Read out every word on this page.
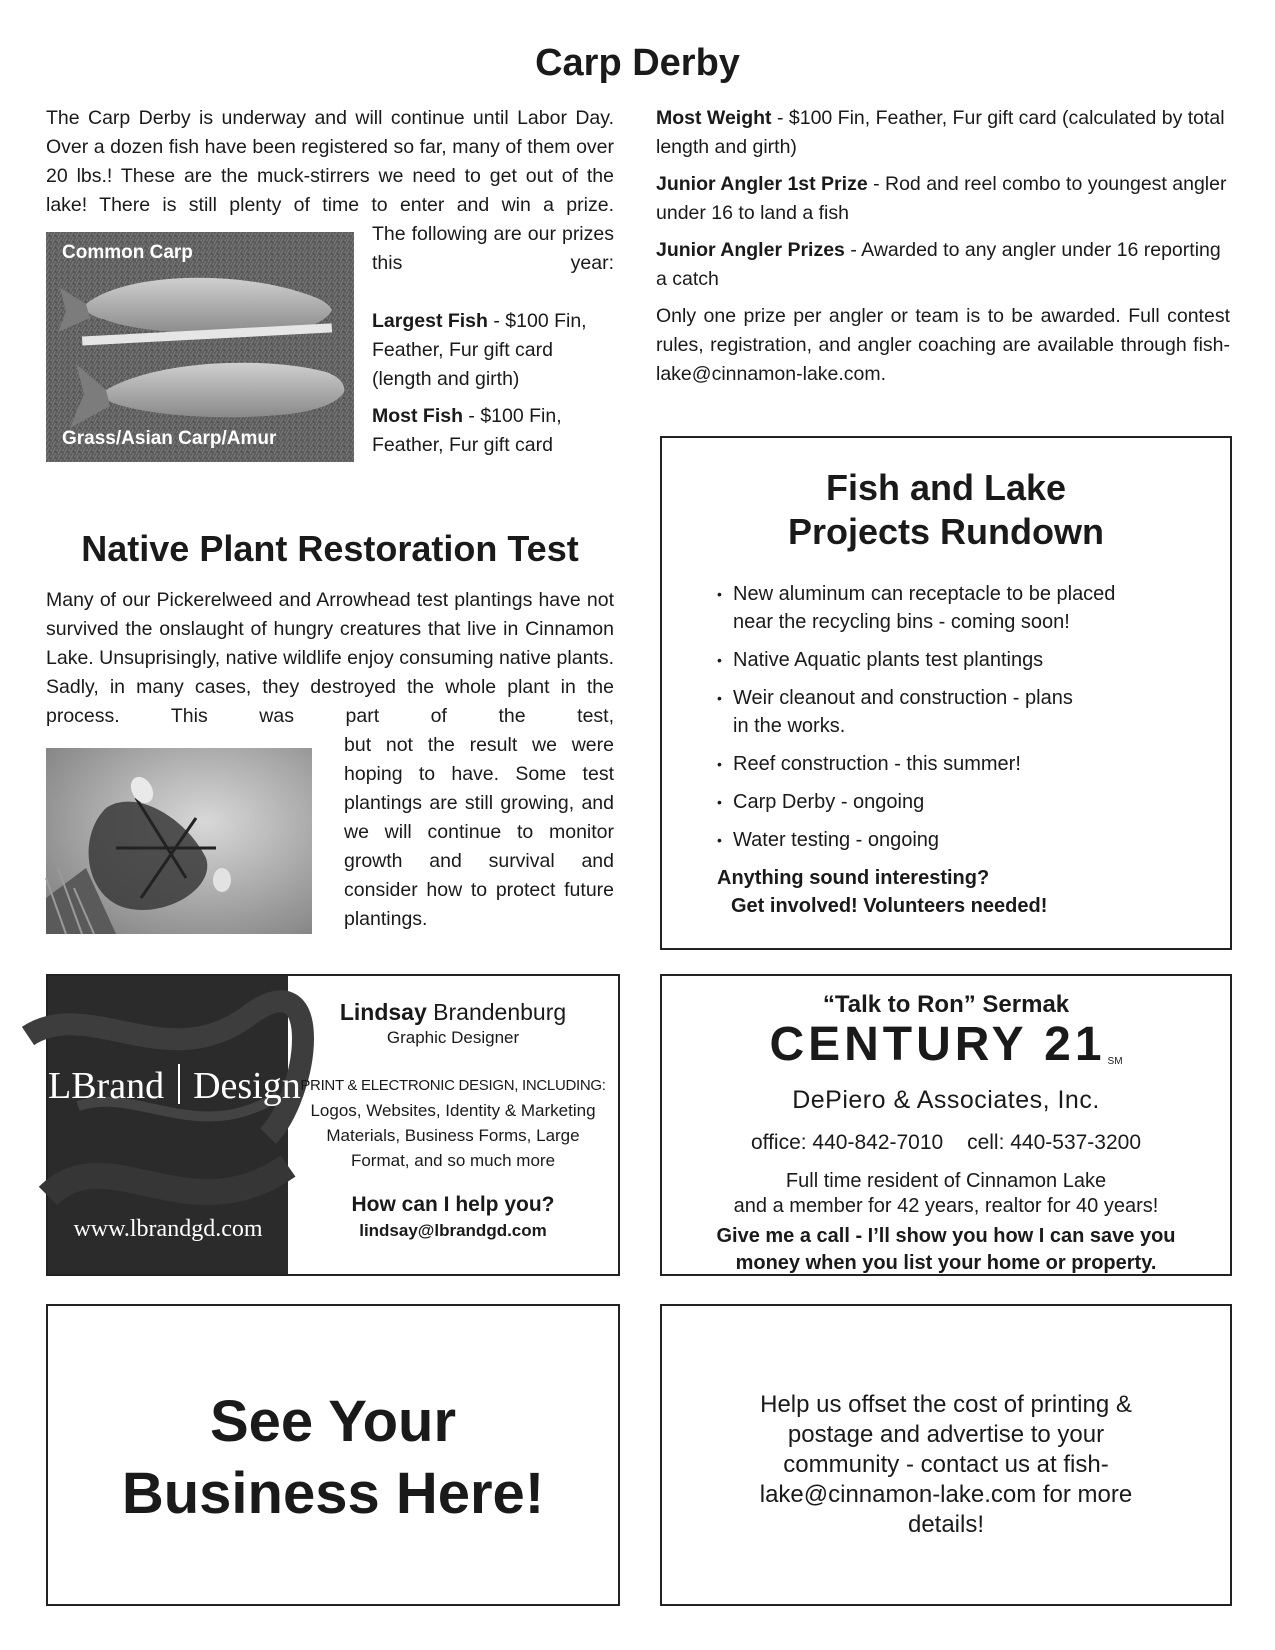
Carp Derby

The Carp Derby is underway and will continue until Labor Day. Over a dozen fish have been registered so far, many of them over 20 lbs.! These are the muck-stirrers we need to get out of the lake! There is still plenty of time to enter and win a prize.

Common Carp
Grass/Asian Carp/Amur

The following are our prizes this year:

Largest Fish - $100 Fin, Feather, Fur gift card (length and girth)

Most Fish - $100 Fin, Feather, Fur gift card

Most Weight - $100 Fin, Feather, Fur gift card (calculated by total length and girth)

Junior Angler 1st Prize - Rod and reel combo to youngest angler under 16 to land a fish

Junior Angler Prizes - Awarded to any angler under 16 reporting a catch

Only one prize per angler or team is to be awarded. Full contest rules, registration, and angler coaching are available through fish-lake@cinnamon-lake.com.

Native Plant Restoration Test

Many of our Pickerelweed and Arrowhead test plantings have not survived the onslaught of hungry creatures that live in Cinnamon Lake. Unsuprisingly, native wildlife enjoy consuming native plants. Sadly, in many cases, they destroyed the whole plant in the process. This was part of the test,

but not the result we were hoping to have. Some test plantings are still growing, and we will continue to monitor growth and survival and consider how to protect future plantings.

Fish and Lake
Projects Rundown
• New aluminum can receptacle to be placed near the recycling bins - coming soon!
• Native Aquatic plants test plantings
• Weir cleanout and construction - plans in the works.
• Reef construction - this summer!
• Carp Derby - ongoing
• Water testing - ongoing

Anything sound interesting?

Get involved! Volunteers needed!

LBrand Design
www.lbrandgd.com
Lindsay Brandenburg
Graphic Designer
PRINT & ELECTRONIC DESIGN, INCLUDING:
Logos, Websites, Identity & Marketing Materials, Business Forms, Large Format, and so much more
How can I help you?
lindsay@lbrandgd.com
“Talk to Ron” Sermak
CENTURY 21 $_{SM}$
DePiero & Associates, Inc.
office: 440-842-7010 cell: 440-537-3200
Full time resident of Cinnamon Lake
and a member for 42 years, realtor for 40 years!
Give me a call - I’ll show you how I can save you money when you list your home or property.
See Your
Business Here!
Help us offset the cost of printing & postage and advertise to your community - contact us at fish-lake@cinnamon-lake.com for more details!
